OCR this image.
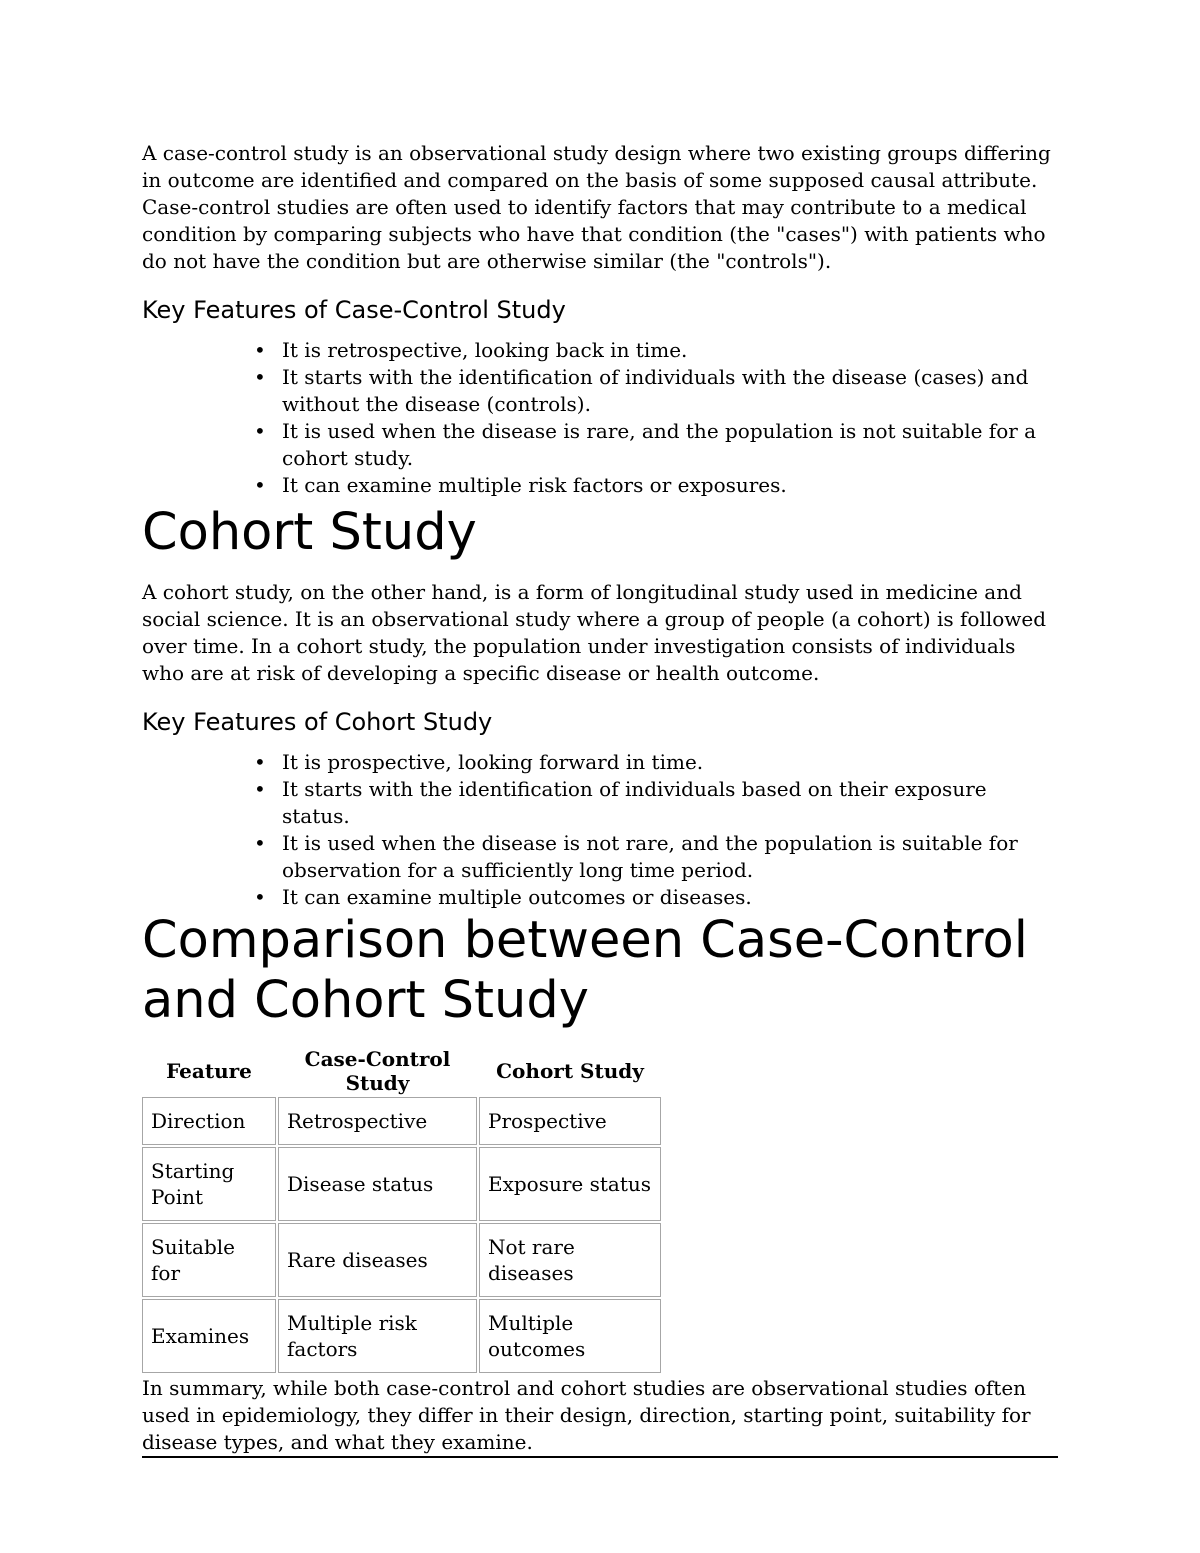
A case-control study is an observational study design where two existing groups differing in outcome are identified and compared on the basis of some supposed causal attribute. Case-control studies are often used to identify factors that may contribute to a medical condition by comparing subjects who have that condition (the "cases") with patients who do not have the condition but are otherwise similar (the "controls").

Key Features of Case-Control Study
• It is retrospective, looking back in time.
• It starts with the identification of individuals with the disease (cases) and without the disease (controls).
• It is used when the disease is rare, and the population is not suitable for a cohort study.
• It can examine multiple risk factors or exposures.
Cohort Study

A cohort study, on the other hand, is a form of longitudinal study used in medicine and social science. It is an observational study where a group of people (a cohort) is followed over time. In a cohort study, the population under investigation consists of individuals who are at risk of developing a specific disease or health outcome.

Key Features of Cohort Study
• It is prospective, looking forward in time.
• It starts with the identification of individuals based on their exposure status.
• It is used when the disease is not rare, and the population is suitable for observation for a sufficiently long time period.
• It can examine multiple outcomes or diseases.
Comparison between Case-Control and Cohort Study
Feature	Case-Control Study	Cohort Study
Direction	Retrospective	Prospective
Starting Point	Disease status	Exposure status
Suitable for	Rare diseases	Not rare diseases
Examines	Multiple risk factors	Multiple outcomes

In summary, while both case-control and cohort studies are observational studies often used in epidemiology, they differ in their design, direction, starting point, suitability for disease types, and what they examine.
